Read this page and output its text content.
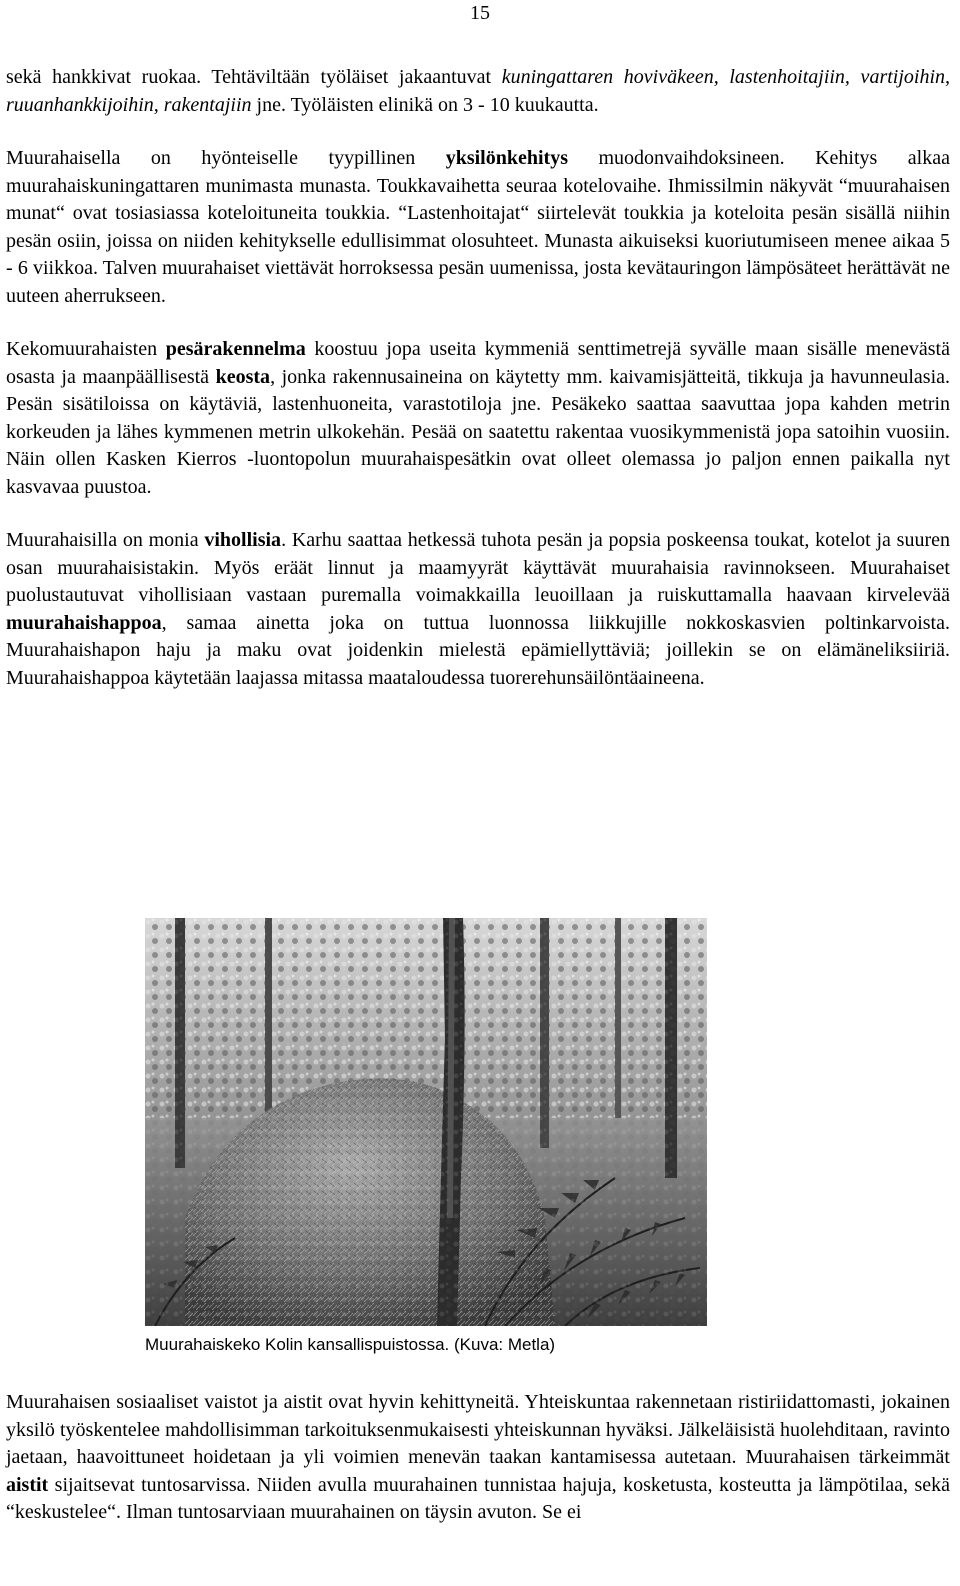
15

sekä hankkivat ruokaa. Tehtäviltään työläiset jakaantuvat kuningattaren hoviväkeen, lastenhoitajiin, vartijoihin, ruuanhankkijoihin, rakentajiin jne. Työläisten elinikä on 3 - 10 kuukautta.

Muurahaisella on hyönteiselle tyypillinen yksilönkehitys muodonvaihdoksineen. Kehitys alkaa muurahaiskuningattaren munimasta munasta. Toukkavaihetta seuraa kotelovaihe. Ihmissilmin näkyvät “muurahaisen munat“ ovat tosiasiassa koteloituneita toukkia. “Lastenhoitajat“ siirtelevät toukkia ja koteloita pesän sisällä niihin pesän osiin, joissa on niiden kehitykselle edullisimmat olosuhteet. Munasta aikuiseksi kuoriutumiseen menee aikaa 5 - 6 viikkoa. Talven muurahaiset viettävät horroksessa pesän uumenissa, josta kevätauringon lämpösäteet herättävät ne uuteen aherrukseen.

Kekomuurahaisten pesärakennelma koostuu jopa useita kymmeniä senttimetrejä syvälle maan sisälle menevästä osasta ja maanpäällisestä keosta, jonka rakennusaineina on käytetty mm. kaivamisjätteitä, tikkuja ja havunneulasia. Pesän sisätiloissa on käytäviä, lastenhuoneita, varastotiloja jne. Pesäkeko saattaa saavuttaa jopa kahden metrin korkeuden ja lähes kymmenen metrin ulkokehän. Pesää on saatettu rakentaa vuosikymmenistä jopa satoihin vuosiin. Näin ollen Kasken Kierros -luontopolun muurahaispesätkin ovat olleet olemassa jo paljon ennen paikalla nyt kasvavaa puustoa.

Muurahaisilla on monia vihollisia. Karhu saattaa hetkessä tuhota pesän ja popsia poskeensa toukat, kotelot ja suuren osan muurahaisistakin. Myös eräät linnut ja maamyyrät käyttävät muurahaisia ravinnokseen. Muurahaiset puolustautuvat vihollisiaan vastaan puremalla voimakkailla leuoillaan ja ruiskuttamalla haavaan kirvelevää muurahaishappoa, samaa ainetta joka on tuttua luonnossa liikkujille nokkoskasvien poltinkarvoista. Muurahaishapon haju ja maku ovat joidenkin mielestä epämiellyttäviä; joillekin se on elämäneliksiiriä. Muurahaishappoa käytetään laajassa mitassa maataloudessa tuorerehunsäilöntäaineena.

Muurahaiskeko Kolin kansallispuistossa. (Kuva: Metla)

Muurahaisen sosiaaliset vaistot ja aistit ovat hyvin kehittyneitä. Yhteiskuntaa rakennetaan ristiriidattomasti, jokainen yksilö työskentelee mahdollisimman tarkoituksenmukaisesti yhteiskunnan hyväksi. Jälkeläisistä huolehditaan, ravinto jaetaan, haavoittuneet hoidetaan ja yli voimien menevän taakan kantamisessa autetaan. Muurahaisen tärkeimmät aistit sijaitsevat tuntosarvissa. Niiden avulla muurahainen tunnistaa hajuja, kosketusta, kosteutta ja lämpötilaa, sekä “keskustelee“. Ilman tuntosarviaan muurahainen on täysin avuton. Se ei
